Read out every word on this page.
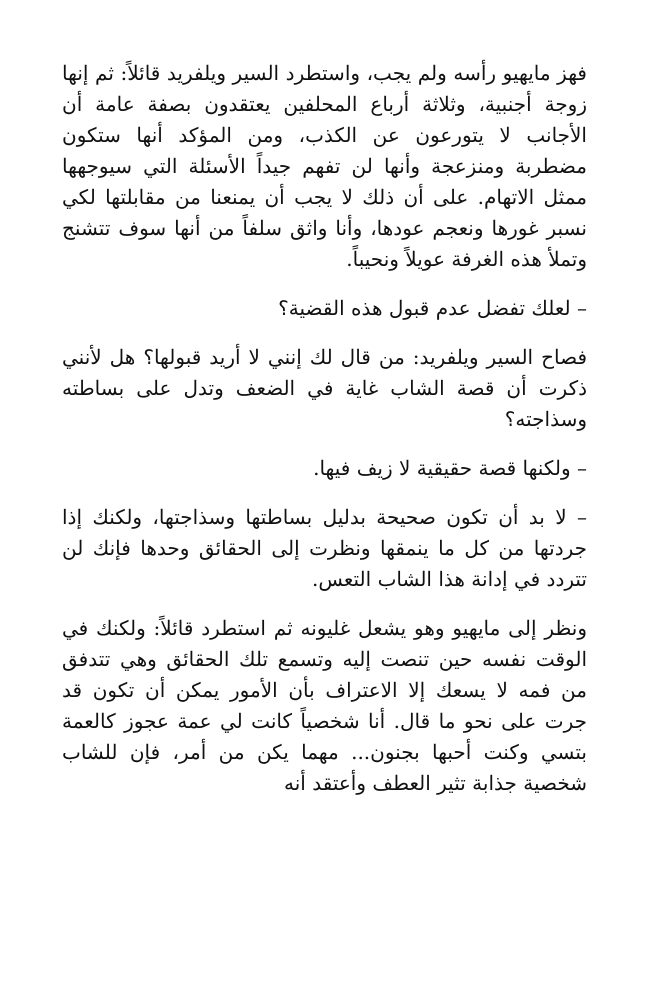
فهز مايهيو رأسه ولم يجب، واستطرد السير ويلفريد قائلاً: ثم إنها زوجة أجنبية، وثلاثة أرباع المحلفين يعتقدون بصفة عامة أن الأجانب لا يتورعون عن الكذب، ومن المؤكد أنها ستكون مضطربة ومنزعجة وأنها لن تفهم جيداً الأسئلة التي سيوجهها ممثل الاتهام. على أن ذلك لا يجب أن يمنعنا من مقابلتها لكي نسبر غورها ونعجم عودها، وأنا واثق سلفاً من أنها سوف تتشنج وتملأ هذه الغرفة عويلاً ونحيباً.

– لعلك تفضل عدم قبول هذه القضية؟

فصاح السير ويلفريد: من قال لك إنني لا أريد قبولها؟ هل لأنني ذكرت أن قصة الشاب غاية في الضعف وتدل على بساطته وسذاجته؟

– ولكنها قصة حقيقية لا زيف فيها.

– لا بد أن تكون صحيحة بدليل بساطتها وسذاجتها، ولكنك إذا جردتها من كل ما ينمقها ونظرت إلى الحقائق وحدها فإنك لن تتردد في إدانة هذا الشاب التعس.

ونظر إلى مايهيو وهو يشعل غليونه ثم استطرد قائلاً: ولكنك في الوقت نفسه حين تنصت إليه وتسمع تلك الحقائق وهي تتدفق من فمه لا يسعك إلا الاعتراف بأن الأمور يمكن أن تكون قد جرت على نحو ما قال. أنا شخصياً كانت لي عمة عجوز كالعمة بتسي وكنت أحبها بجنون... مهما يكن من أمر، فإن للشاب شخصية جذابة تثير العطف وأعتقد أنه
